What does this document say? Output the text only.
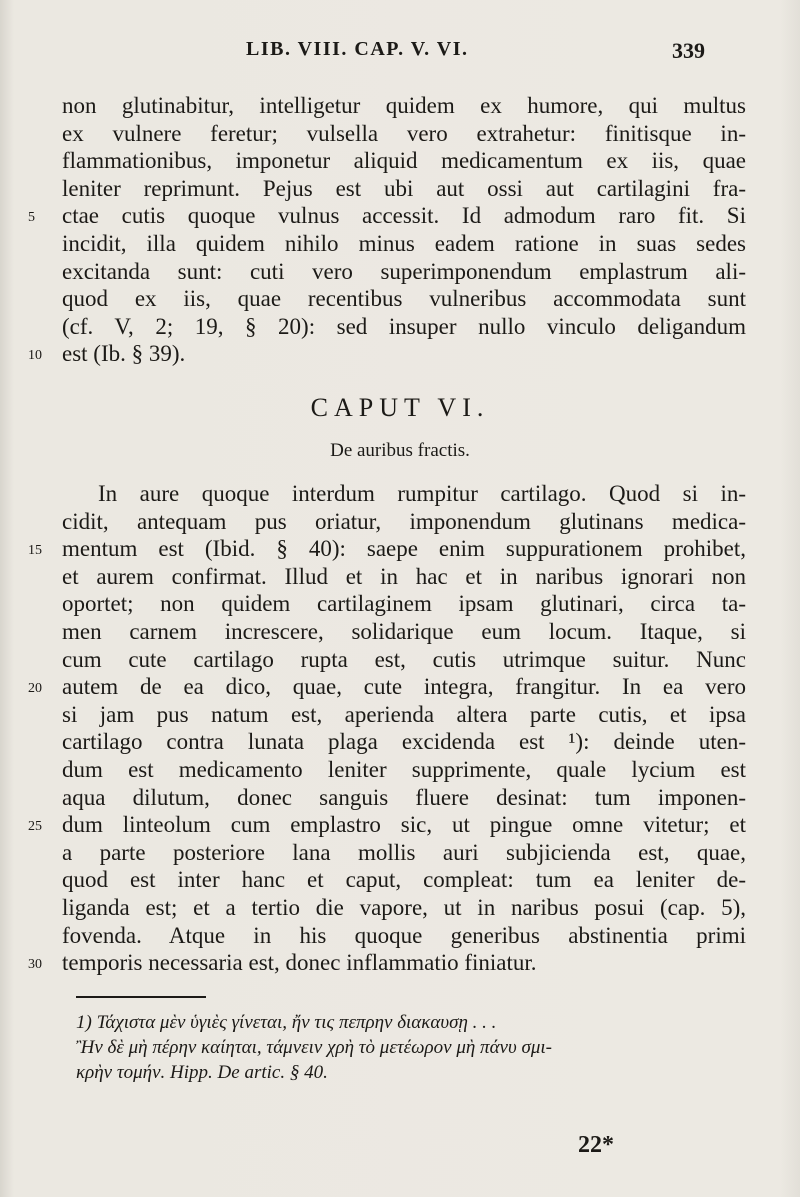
LIB. VIII. CAP. V. VI.	339
non glutinabitur, intelligetur quidem ex humore, qui multus
ex vulnere feretur; vulsella vero extrahetur: finitisque in-
flammationibus, imponetur aliquid medicamentum ex iis, quae
leniter reprimunt. Pejus est ubi aut ossi aut cartilagini fra-
5	ctae cutis quoque vulnus accessit. Id admodum raro fit. Si
incidit, illa quidem nihilo minus eadem ratione in suas sedes
excitanda sunt: cuti vero superimponendum emplastrum ali-
quod ex iis, quae recentibus vulneribus accommodata sunt
(cf. V, 2; 19, § 20): sed insuper nullo vinculo deligandum
10 est (Ib. § 39).
CAPUT VI.
De auribus fractis.
In aure quoque interdum rumpitur cartilago. Quod si in-
cidit, antequam pus oriatur, imponendum glutinans medica-
15 mentum est (Ibid. § 40): saepe enim suppurationem prohibet,
et aurem confirmat. Illud et in hac et in naribus ignorari non
oportet; non quidem cartilaginem ipsam glutinari, circa ta-
men carnem increscere, solidarique eum locum. Itaque, si
cum cute cartilago rupta est, cutis utrimque suitur. Nunc
20 autem de ea dico, quae, cute integra, frangitur. In ea vero
si jam pus natum est, aperienda altera parte cutis, et ipsa
cartilago contra lunata plaga excidenda est ¹): deinde uten-
dum est medicamento leniter supprimente, quale lycium est
aqua dilutum, donec sanguis fluere desinat: tum imponen-
25 dum linteolum cum emplastro sic, ut pingue omne vitetur; et
a parte posteriore lana mollis auri subjicienda est, quae,
quod est inter hanc et caput, compleat: tum ea leniter de-
liganda est; et a tertio die vapore, ut in naribus posui (cap. 5),
fovenda. Atque in his quoque generibus abstinentia primi
30 temporis necessaria est, donec inflammatio finiatur.
1) Τάχιστα μὲν ὑγιὲς γίνεται, ἤν τις πεπρην διακαυσῃ . . .
Ἢν δὲ μὴ πέρην καίηται, τάμνειν χρὴ τὸ μετέωρον μὴ πάνυ σμι-
κρὴν τομήν. Hipp. De artic. § 40.
22*
